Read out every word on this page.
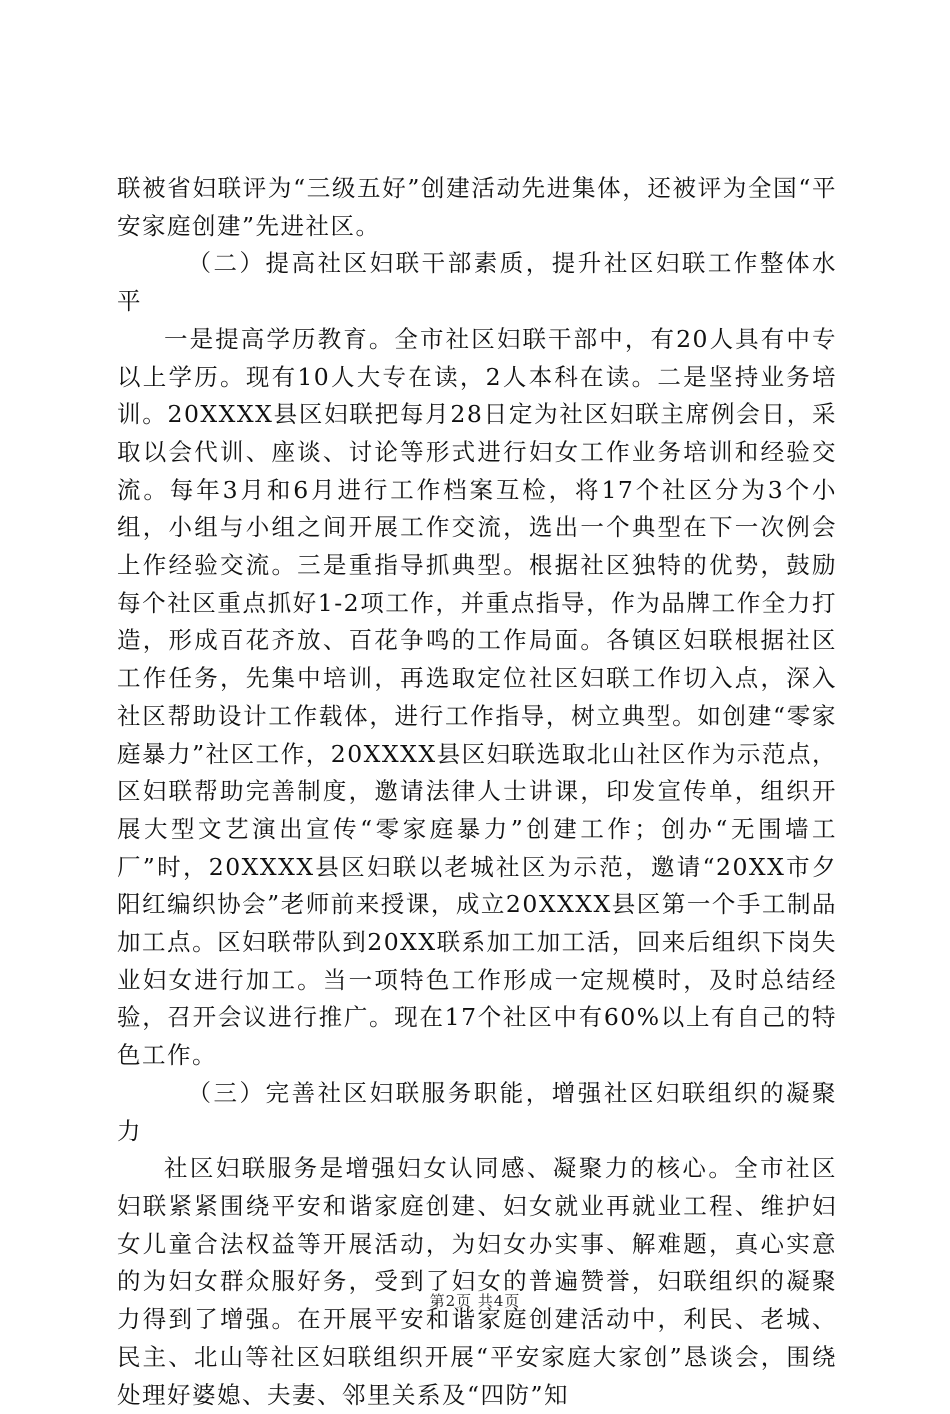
联被省妇联评为“三级五好”创建活动先进集体，还被评为全国“平安家庭创建”先进社区。

（二）提高社区妇联干部素质，提升社区妇联工作整体水平

一是提高学历教育。全市社区妇联干部中，有20人具有中专以上学历。现有10人大专在读，2人本科在读。二是坚持业务培训。20XXXX县区妇联把每月28日定为社区妇联主席例会日，采取以会代训、座谈、讨论等形式进行妇女工作业务培训和经验交流。每年3月和6月进行工作档案互检，将17个社区分为3个小组，小组与小组之间开展工作交流，选出一个典型在下一次例会上作经验交流。三是重指导抓典型。根据社区独特的优势，鼓励每个社区重点抓好1-2项工作，并重点指导，作为品牌工作全力打造，形成百花齐放、百花争鸣的工作局面。各镇区妇联根据社区工作任务，先集中培训，再选取定位社区妇联工作切入点，深入社区帮助设计工作载体，进行工作指导，树立典型。如创建“零家庭暴力”社区工作，20XXXX县区妇联选取北山社区作为示范点，区妇联帮助完善制度，邀请法律人士讲课，印发宣传单，组织开展大型文艺演出宣传“零家庭暴力”创建工作；创办“无围墙工厂”时，20XXXX县区妇联以老城社区为示范，邀请“20XX市夕阳红编织协会”老师前来授课，成立20XXXX县区第一个手工制品加工点。区妇联带队到20XX联系加工加工活，回来后组织下岗失业妇女进行加工。当一项特色工作形成一定规模时，及时总结经验，召开会议进行推广。现在17个社区中有60%以上有自己的特色工作。

（三）完善社区妇联服务职能，增强社区妇联组织的凝聚力

社区妇联服务是增强妇女认同感、凝聚力的核心。全市社区妇联紧紧围绕平安和谐家庭创建、妇女就业再就业工程、维护妇女儿童合法权益等开展活动，为妇女办实事、解难题，真心实意的为妇女群众服好务，受到了妇女的普遍赞誉，妇联组织的凝聚力得到了增强。在开展平安和谐家庭创建活动中，利民、老城、民主、北山等社区妇联组织开展“平安家庭大家创”恳谈会，围绕处理好婆媳、夫妻、邻里关系及“四防”知

第2页 共4页
